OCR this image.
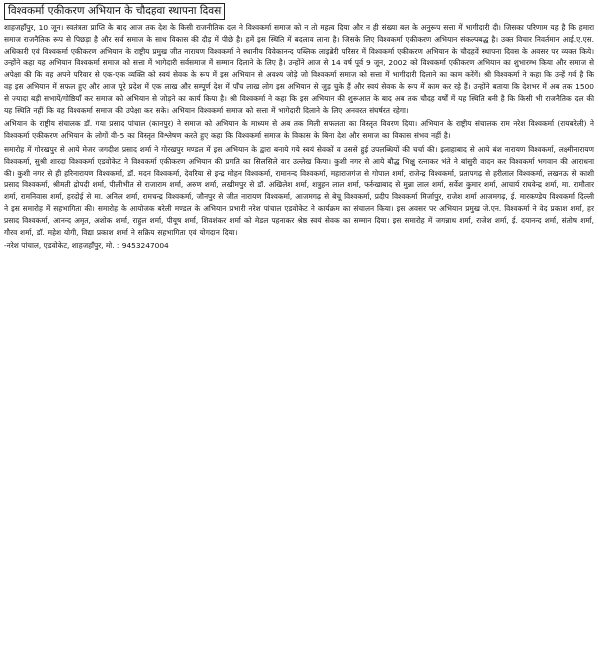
विश्वकर्मा एकीकरण अभियान के चौदहवा स्थापना दिवस

शाहजहाँपुर, 10 जून। स्वतंत्रता प्राप्ति के बाद आज तक देश के किसी राजनीतिक दल ने विश्वकर्मा समाज को न तो महत्व दिया और न ही संख्या बल के अनुरूप सत्ता में भागीदारी दी। जिसका परिणाम यह है कि हमारा समाज राजनैतिक रूप से पिछड़ा है और सर्व समाज के साथ विकास की दौड़ में पीछे है। हमें इस स्थिति में बदलाव लाना है। जिसके लिए विश्वकर्मा एकीकरण अभियान संकल्पबद्ध है। उक्त विचार निवर्तमान आई.ए.एस. अधिकारी एवं विश्वकर्मा एकीकरण अभियान के राष्ट्रीय प्रमुख जीत नारायण विश्वकर्मा ने स्थानीय विवेकानन्द पब्लिक लाइब्रेरी परिसर में विश्वकर्मा एकीकरण अभियान के चौदहवें स्थापना दिवस के अवसर पर व्यक्त किये। उन्होंने कहा यह अभियान विश्वकर्मा समाज को सत्ता में भागेदारी सर्वसमाज में सम्मान दिलाने के लिए है। उन्होंने आज से 14 वर्ष पूर्व 9 जून, 2002 को विश्वकर्मा एकीकरण अभियान का शुभारम्भ किया और समाज से अपेक्षा की कि वह अपने परिवार से एक-एक व्यक्ति को स्वयं सेवक के रूप में इस अभियान से अवश्य जोड़े जो विश्वकर्मा समाज को सत्ता में भागीदारी दिलाने का काम करेंगें। श्री विश्वकर्मा ने कहा कि उन्हें गर्व है कि वह इस अभियान में सफल हुए और आज पूरे प्रदेश में एक लाख और सम्पूर्ण देश में पाँच लाख लोग इस अभियान से जुड़ चुके हैं और स्वयं सेवक के रूप में काम कर रहे हैं। उन्होंने बताया कि देशभर में अब तक 1500 से ज्यादा बड़ी सभायें/गोष्ठियाँ कर समाज को अभियान से जोड़ने का कार्य किया है। श्री विश्वकर्मा ने कहा कि इस अभियान की शुरूआत के बाद अब तक चौदह वर्षों में यह स्थिति बनी है कि किसी भी राजनैतिक दल की यह स्थिति नहीं कि वह विश्वकर्मा समाज की उपेक्षा कर सके। अभियान विश्वकर्मा समाज को सत्ता में भागेदारी दिलाने के लिए अनवरत संघर्षरत रहेगा।

अभियान के राष्ट्रीय संचालक डॉ. गया प्रसाद पांचाल (कानपुर) ने समाज को अभियान के माध्यम से अब तक मिली सफलता का विस्तृत विवरण दिया। अभियान के राष्ट्रीय संचालक राम नरेश विश्वकर्मा (रायबरेली) ने विश्वकर्मा एकीकरण अभियान के लोगों वी-5 का विस्तृत विश्लेषण करते हुए कहा कि विश्वकर्मा समाज के विकास के बिना देश और समाज का विकास संभव नहीं है।

समारोह में गोरखपुर से आये मेजर जगदीश प्रसाद शर्मा ने गोरखपुर मण्डल में इस अभियान के द्वारा बनाये गये स्वयं सेवकों व उससे हुई उपलब्धियों की चर्चा की। इलाहाबाद से आये बंश नारायण विश्वकर्मा, लक्ष्मीनारायण विश्वकर्मा, सुश्री शारदा विश्वकर्मा एडवोकेट ने विश्वकर्मा एकीकरण अभियान की प्रगति का सिलसिले वार उल्लेख किया। कुशी नगर से आये बौद्ध भिक्षु रत्नाकर भंते ने बांसुरी वादन कर विश्वकर्मा भगवान की आराधना की। कुशी नगर से ही हरिनारायण विश्वकर्मा, डॉ. मदन विश्वकर्मा, देवरिया से इन्द्र मोहन विश्वकर्मा, रामानन्द विश्वकर्मा, महाराजगंज से गोपाल शर्मा, राजेन्द्र विश्वकर्मा, प्रतापगढ़ से हरीलाल विश्वकर्मा, लखनऊ से काशी प्रसाद विश्वकर्मा, श्रीमती द्रोपदी शर्मा, पीलीभीत से राजाराम शर्मा, अरुण शर्मा, लखीमपुर से डॉ. अखिलेश शर्मा, शत्रुहन लाल शर्मा, फर्रुखाबाद से मुन्ना लाल शर्मा, सर्वेश कुमार शर्मा, आचार्य राघवेन्द्र शर्मा, मा. रामौतार शर्मा, रामनिवास शर्मा, हरदोई से मा. अनिल शर्मा, रामचन्द्र विश्वकर्मा, जौनपुर से जीत नारायण विश्वकर्मा, आजमगढ़ से बेचू विश्वकर्मा, प्रदीप विश्वकर्मा मिर्जापुर, राजेश शर्मा आजमगढ़, ई. मारकण्डेय विश्वकर्मा दिल्ली ने इस समारोह में सहभागिता की। समारोह के आयोजक बरेली मण्डल के अभियान प्रभारी नरेश पांचाल एडवोकेट ने कार्यक्रम का संचालन किया। इस अवसर पर अभियान प्रमुख जे.एन. विश्वकर्मा ने वेद प्रकाश शर्मा, हर प्रसाद विश्वकर्मा, आनन्द अमृत, अशोक शर्मा, राहुल शर्मा, पीयूष शर्मा, शिवशंकर शर्मा को मेडल पहनाकर श्रेष्ठ स्वयं सेवक का सम्मान दिया। इस समारोह में जगन्नाथ शर्मा, राजेश शर्मा, ई. दयानन्द शर्मा, संतोष शर्मा, गौरव शर्मा, डॉ. महेश योगी, विद्या प्रकाश शर्मा ने सक्रिय सहभागिता एवं योगदान दिया।

-नरेश पांचाल, एडवोकेट, शाहजहाँपुर, मो. : 9453247004
